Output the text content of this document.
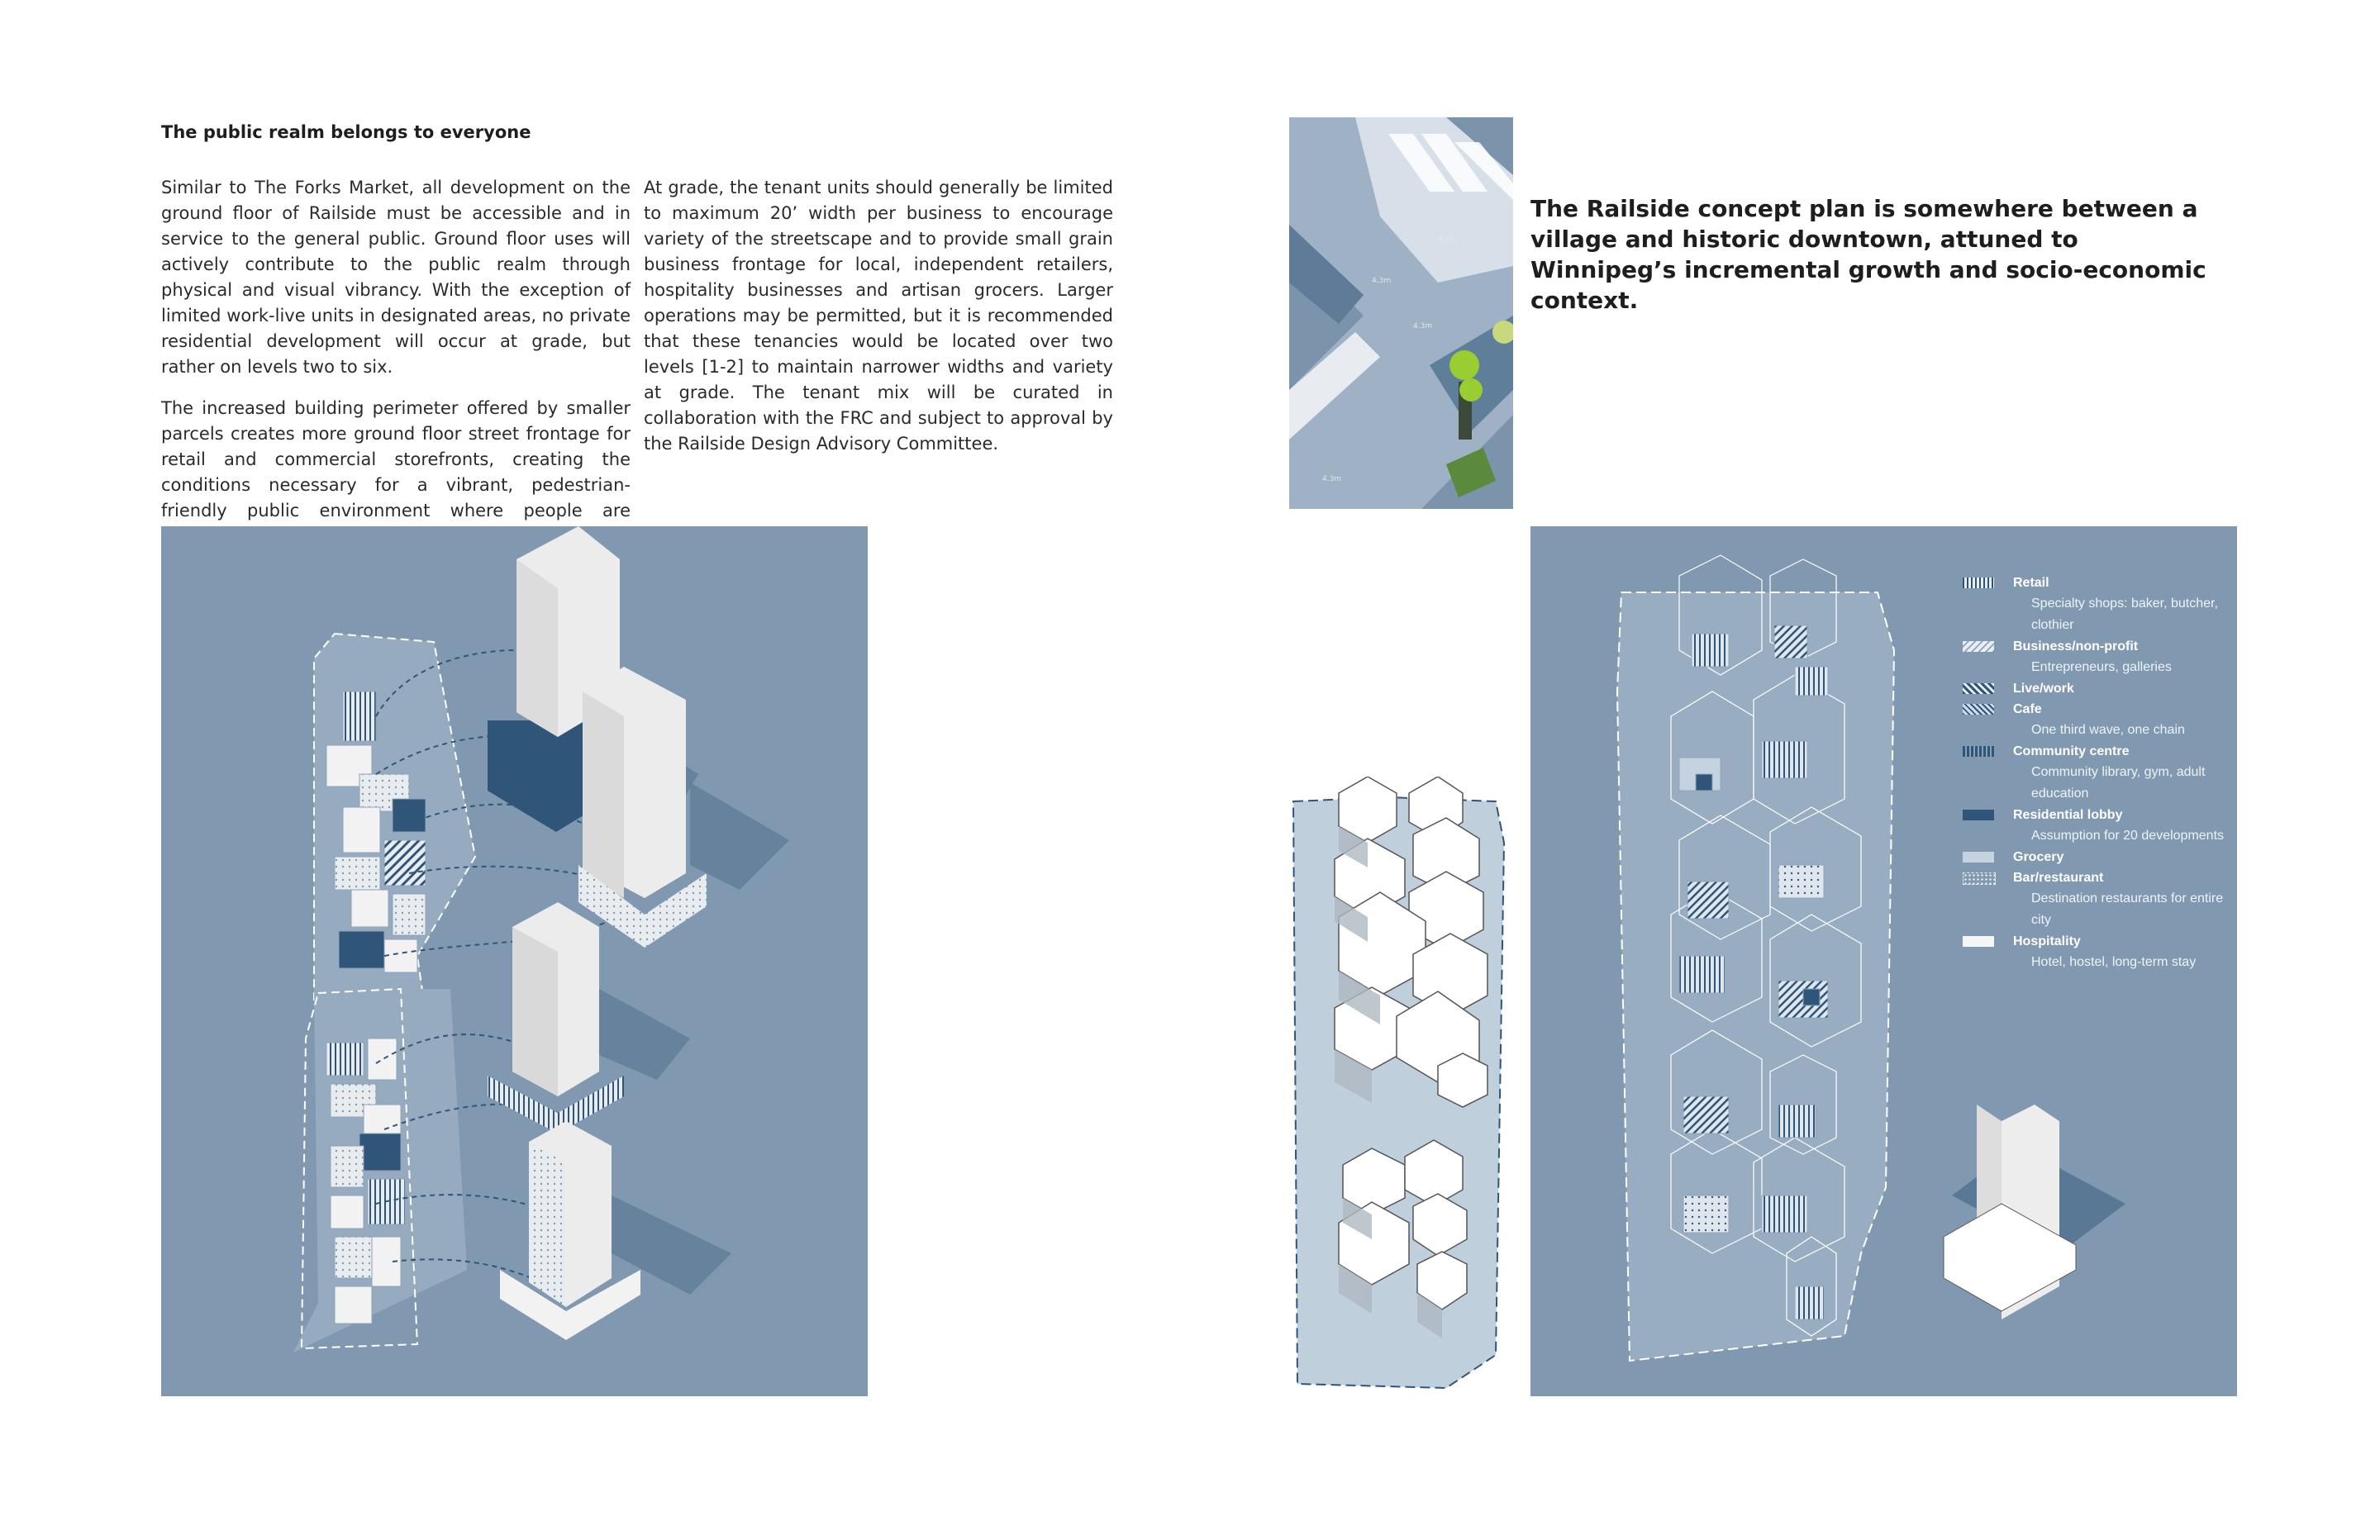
The public realm belongs to everyone

Similar to The Forks Market, all development on the ground floor of Railside must be accessible and in service to the general public. Ground floor uses will actively contribute to the public realm through physical and visual vibrancy. With the exception of limited work-live units in designated areas, no private residential development will occur at grade, but rather on levels two to six.

The increased building perimeter offered by smaller parcels creates more ground floor street frontage for retail and commercial storefronts, creating the conditions necessary for a vibrant, pedestrian-friendly public environment where people are

At grade, the tenant units should generally be limited to maximum 20’ width per business to encourage variety of the streetscape and to provide small grain business frontage for local, independent retailers, hospitality businesses and artisan grocers. Larger operations may be permitted, but it is recommended that these tenancies would be located over two levels [1-2] to maintain narrower widths and variety at grade. The tenant mix will be curated in collaboration with the FRC and subject to approval by the Railside Design Advisory Committee.

The Railside concept plan is somewhere between a village and historic downtown, attuned to Winnipeg’s incremental growth and socio-economic context.
4.3m
4.3m
4.3m
4.3m
Retail
Specialty shops: baker, butcher, clothier
Business/non-profit
Entrepreneurs, galleries
Live/work
Cafe
One third wave, one chain
Community centre
Community library, gym, adult education
Residential lobby
Assumption for 20 developments
Grocery
Bar/restaurant
Destination restaurants for entire city
Hospitality
Hotel, hostel, long-term stay
